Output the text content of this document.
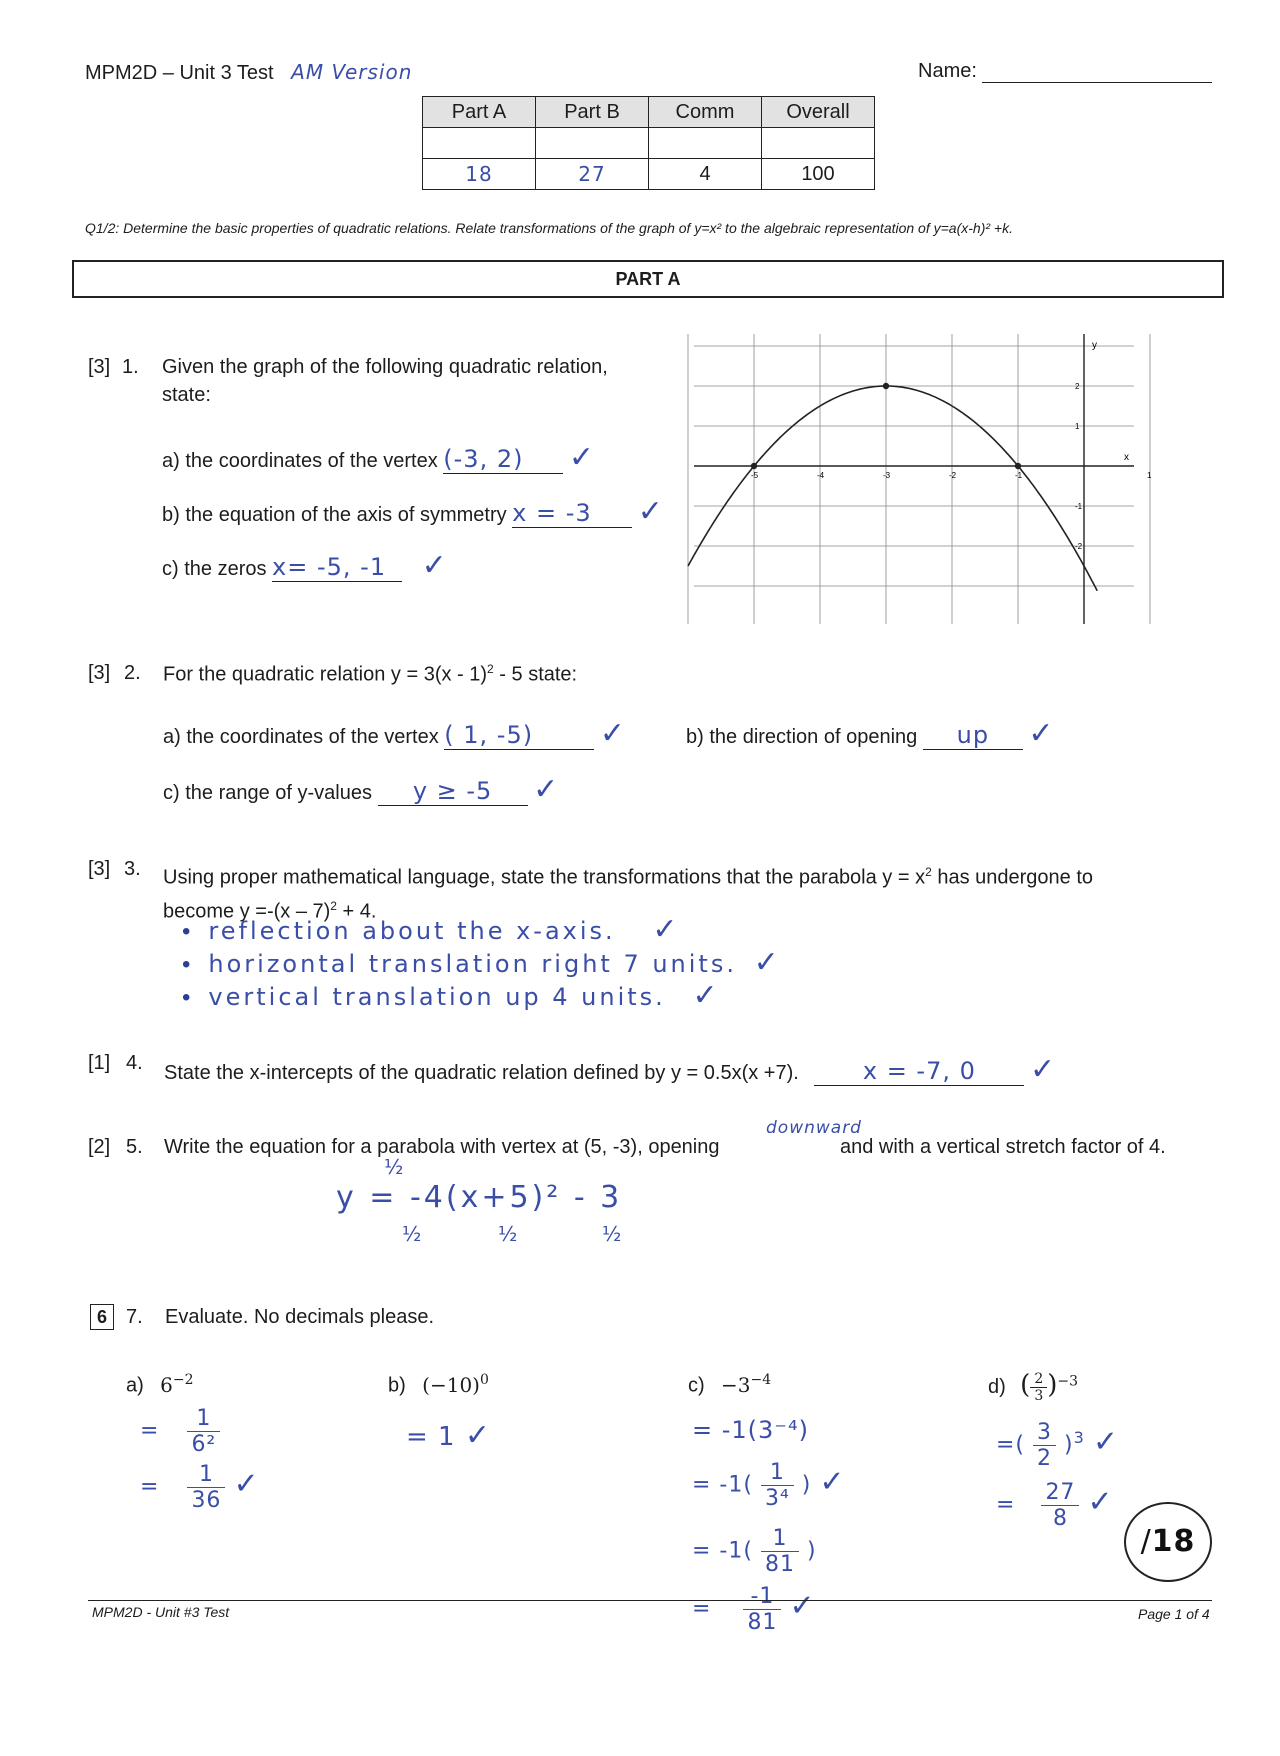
MPM2D – Unit 3 Test AM Version	Name:
Part A	Part B	Comm	Overall

18	27	4	100
Q1/2: Determine the basic properties of quadratic relations. Relate transformations of the graph of y=x² to the algebraic representation of y=a(x-h)² +k.
PART A
[3] 1. Given the graph of the following quadratic relation,
state:
a) the coordinates of the vertex (-3, 2) ✓
b) the equation of the axis of symmetry x = -3 ✓
c) the zeros x= -5, -1 ✓
-5	-4	-3	-2	-1	1
2
1
-1
-2
y
x
[3] 2. For the quadratic relation y = 3(x - 1)$^2$ - 5 state:
a) the coordinates of the vertex ( 1, -5) ✓	b) the direction of opening up ✓
c) the range of y-values y ≥ -5 ✓
[3] 3. Using proper mathematical language, state the transformations that the parabola $y = x^2$ has undergone to
become y =-(x – 7)$^2$ + 4.
• reflection about the x-axis. ✓
• horizontal translation right 7 units. ✓
• vertical translation up 4 units. ✓
[1] 4. State the x-intercepts of the quadratic relation defined by y = 0.5x(x +7).	x = -7, 0 ✓
[2] 5. Write the equation for a parabola with vertex at (5, -3), opening
downward
and with a vertical stretch factor of 4.
y = -4(x+5)² - 3
½
½	½	½
6 7. Evaluate. No decimals please.
a) $6^{-2}$
= $\frac{1}{\text{6²}}$
= $\frac{1}{36}$ ✓
b) $(-10)^0$
= 1 ✓
$c) -3^{-4}$
= -1(3⁻⁴)
= $-1( \frac{1}{\text{3⁴}}$ ) ✓
= $-1( \frac{1}{81}$ )
= $\frac{-1}{81}$ ✓
d) ( $\frac{2}{3} )^{-3}$
=( $\frac{3}{2} )^3$ ✓
= $\frac{27}{8}$ ✓
/18
MPM2D - Unit #3 Test	Page 1 of 4
